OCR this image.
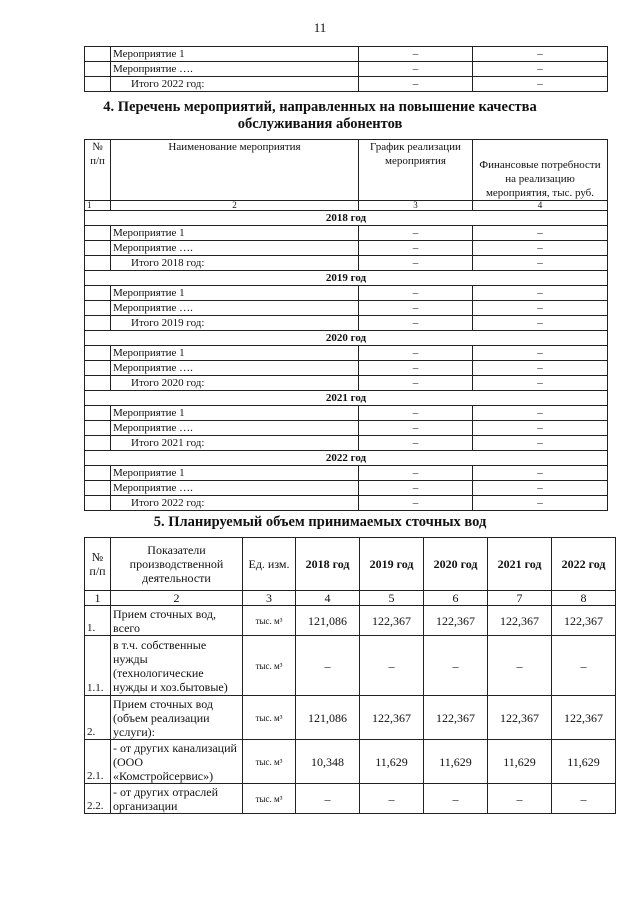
11
	Мероприятие 1	–	–
	Мероприятие ….	–	–
	Итого 2022 год:	–	–
4. Перечень мероприятий, направленных на повышение качества
обслуживания абонентов
№ п/п	Наименование мероприятия	График реализации мероприятия	Финансовые потребности на реализацию мероприятия, тыс. руб.
1	2	3	4
2018 год			
	Мероприятие 1	–	–
	Мероприятие ….	–	–
	Итого 2018 год:	–	–
2019 год			
	Мероприятие 1	–	–
	Мероприятие ….	–	–
	Итого 2019 год:	–	–
2020 год			
	Мероприятие 1	–	–
	Мероприятие ….	–	–
	Итого 2020 год:	–	–
2021 год			
	Мероприятие 1	–	–
	Мероприятие ….	–	–
	Итого 2021 год:	–	–
2022 год			
	Мероприятие 1	–	–
	Мероприятие ….	–	–
	Итого 2022 год:	–	–
5. Планируемый объем принимаемых сточных вод
№ п/п	Показатели производственной деятельности	Ед. изм.	2018 год	2019 год	2020 год	2021 год	2022 год
1	2	3	4	5	6	7	8
1.	Прием сточных вод, всего	тыс. м³	121,086	122,367	122,367	122,367	122,367
1.1.	в т.ч. собственные нужды (технологические нужды и хоз.бытовые)	тыс. м³	–	–	–	–	–
2.	Прием сточных вод (объем реализации услуги):	тыс. м³	121,086	122,367	122,367	122,367	122,367
2.1.	- от других канализаций (ООО «Комстройсервис»)	тыс. м³	10,348	11,629	11,629	11,629	11,629
2.2.	- от других отраслей организации	тыс. м³	–	–	–	–	–
